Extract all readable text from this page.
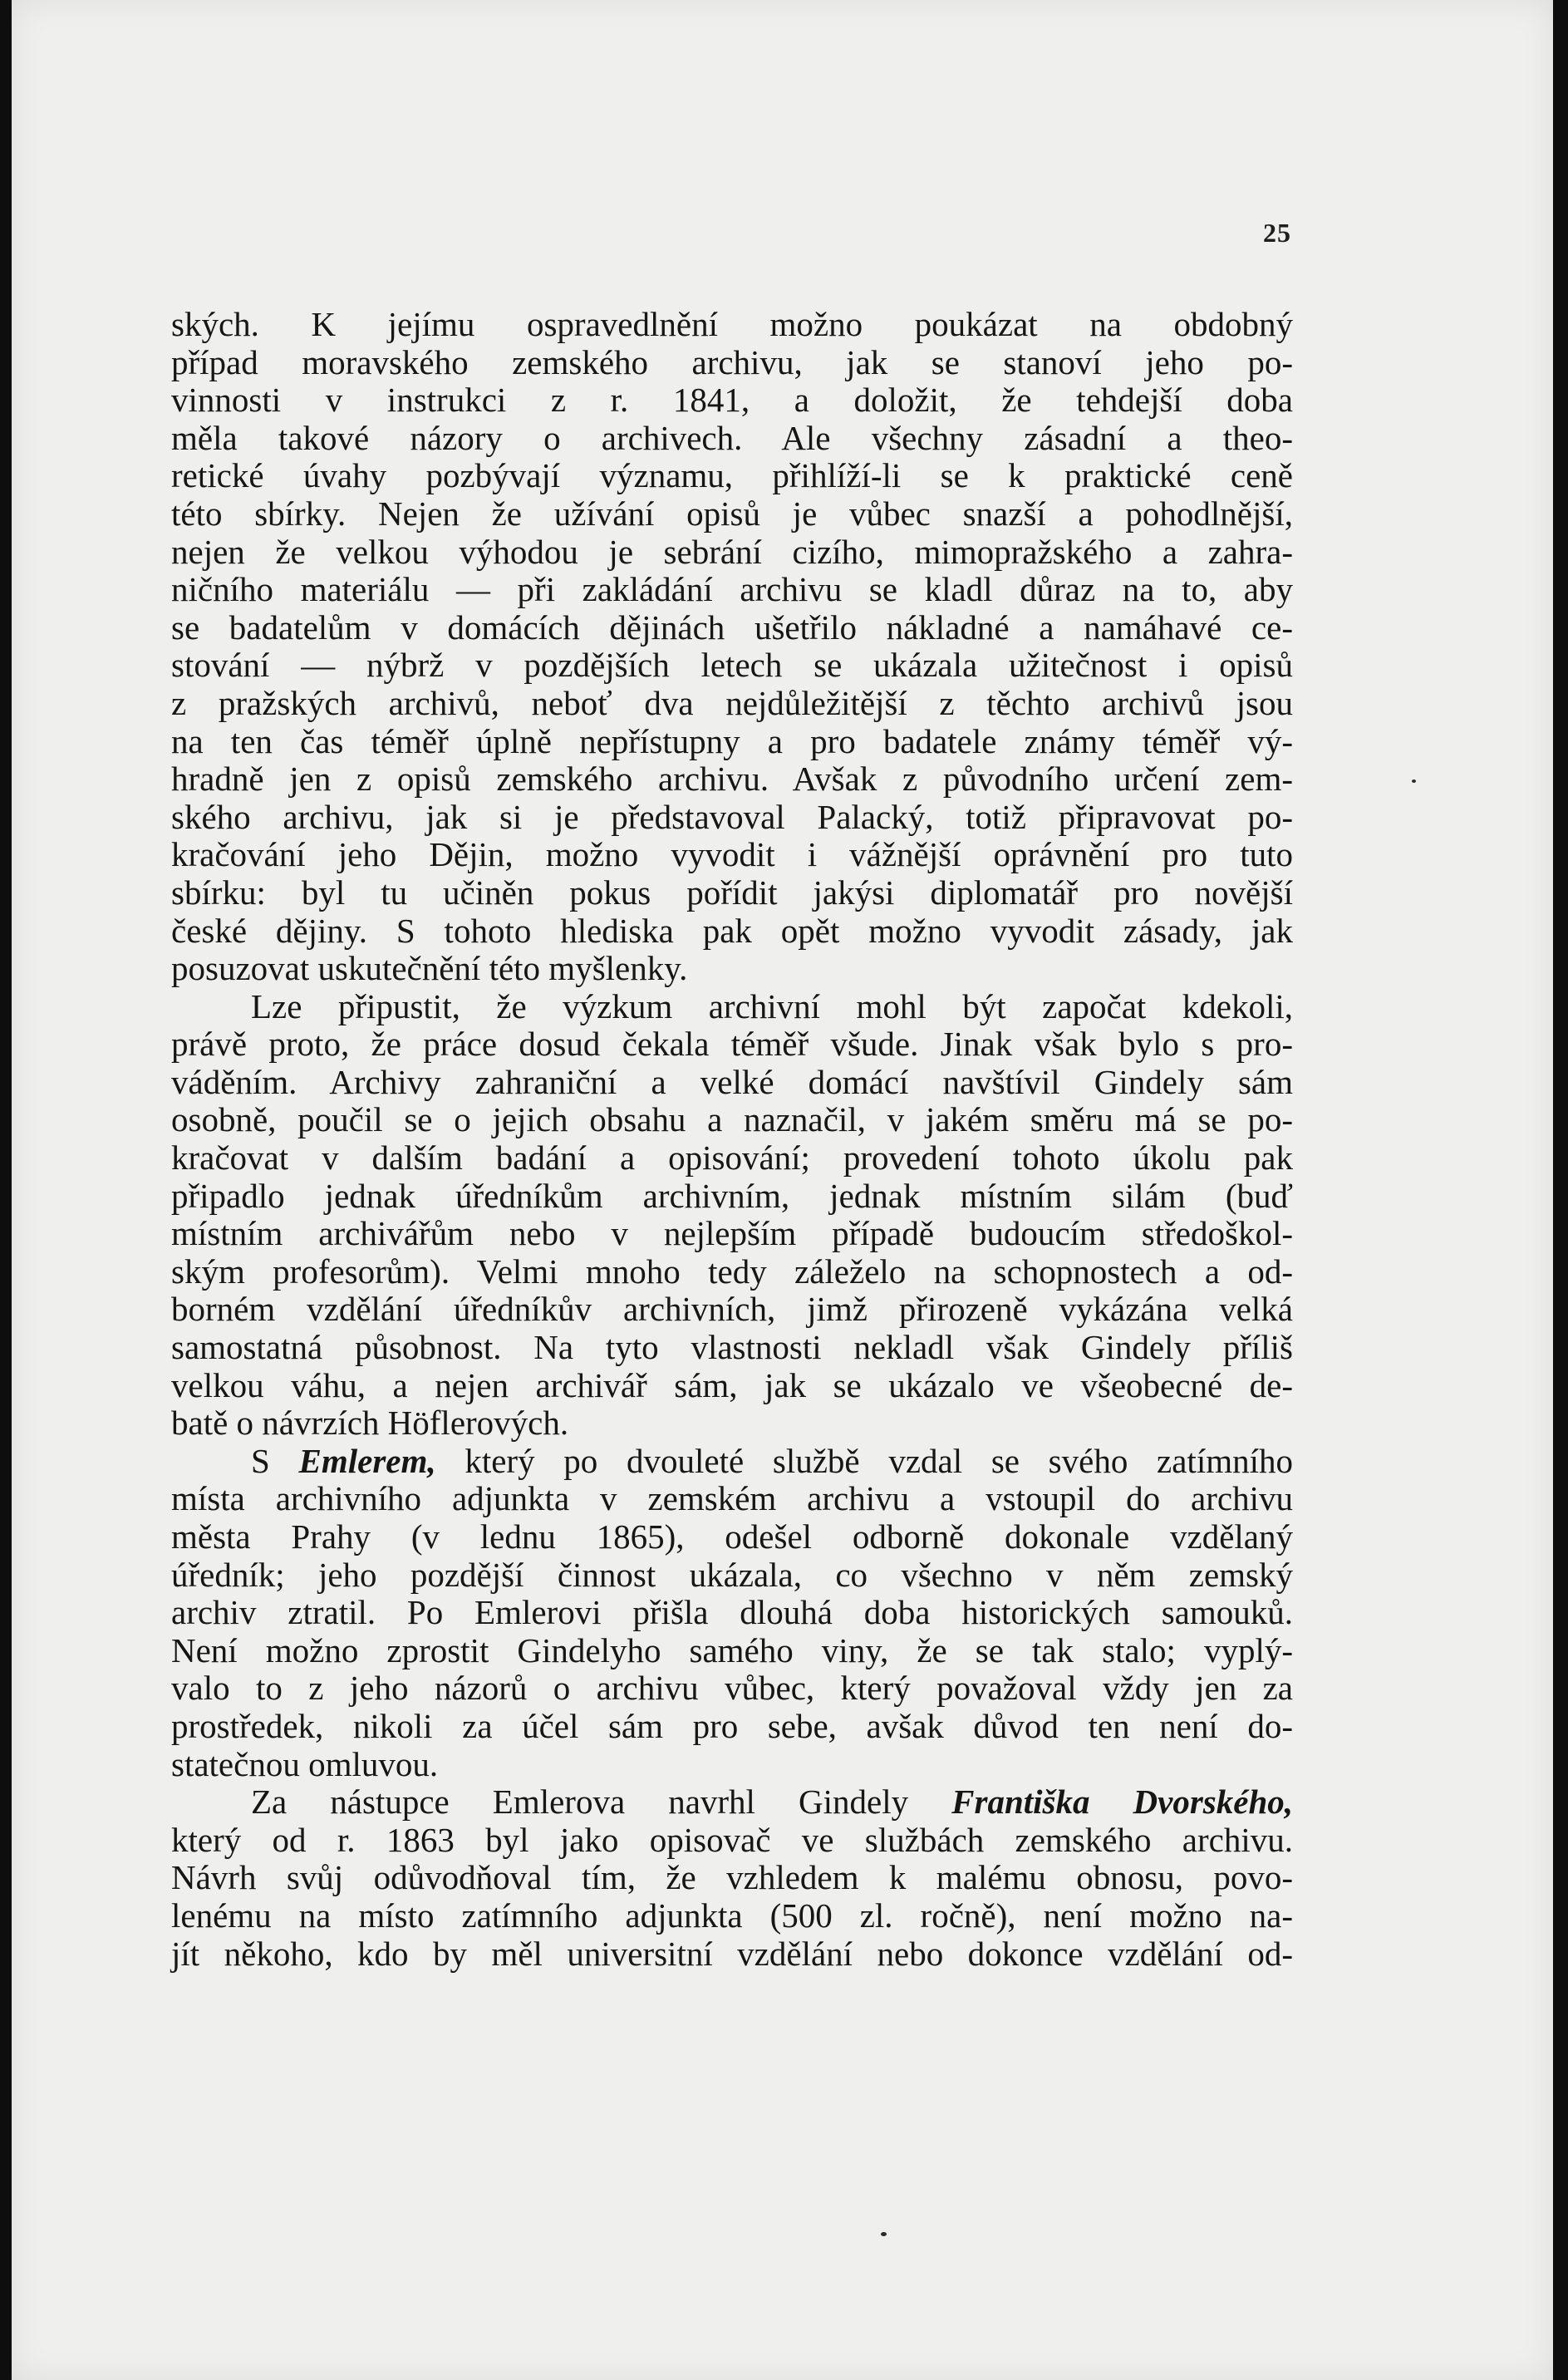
25
ských. K jejímu ospravedlnění možno poukázat na obdobný
případ moravského zemského archivu, jak se stanoví jeho po-
vinnosti v instrukci z r. 1841, a doložit, že tehdejší doba
měla takové názory o archivech. Ale všechny zásadní a theo-
retické úvahy pozbývají významu, přihlíží-li se k praktické ceně
této sbírky. Nejen že užívání opisů je vůbec snazší a pohodlnější,
nejen že velkou výhodou je sebrání cizího, mimopražského a zahra-
ničního materiálu — při zakládání archivu se kladl důraz na to, aby
se badatelům v domácích dějinách ušetřilo nákladné a namáhavé ce-
stování — nýbrž v pozdějších letech se ukázala užitečnost i opisů
z pražských archivů, neboť dva nejdůležitější z těchto archivů jsou
na ten čas téměř úplně nepřístupny a pro badatele známy téměř vý-
hradně jen z opisů zemského archivu. Avšak z původního určení zem-
ského archivu, jak si je představoval Palacký, totiž připravovat po-
kračování jeho Dějin, možno vyvodit i vážnější oprávnění pro tuto
sbírku: byl tu učiněn pokus pořídit jakýsi diplomatář pro novější
české dějiny. S tohoto hlediska pak opět možno vyvodit zásady, jak
posuzovat uskutečnění této myšlenky.
Lze připustit, že výzkum archivní mohl být započat kdekoli,
právě proto, že práce dosud čekala téměř všude. Jinak však bylo s pro-
váděním. Archivy zahraniční a velké domácí navštívil Gindely sám
osobně, poučil se o jejich obsahu a naznačil, v jakém směru má se po-
kračovat v dalším badání a opisování; provedení tohoto úkolu pak
připadlo jednak úředníkům archivním, jednak místním silám (buď
místním archivářům nebo v nejlepším případě budoucím středoškol-
ským profesorům). Velmi mnoho tedy záleželo na schopnostech a od-
borném vzdělání úředníkův archivních, jimž přirozeně vykázána velká
samostatná působnost. Na tyto vlastnosti nekladl však Gindely příliš
velkou váhu, a nejen archivář sám, jak se ukázalo ve všeobecné de-
batě o návrzích Höflerových.
S Emlerem, který po dvouleté službě vzdal se svého zatímního
místa archivního adjunkta v zemském archivu a vstoupil do archivu
města Prahy (v lednu 1865), odešel odborně dokonale vzdělaný
úředník; jeho pozdější činnost ukázala, co všechno v něm zemský
archiv ztratil. Po Emlerovi přišla dlouhá doba historických samouků.
Není možno zprostit Gindelyho samého viny, že se tak stalo; vyplý-
valo to z jeho názorů o archivu vůbec, který považoval vždy jen za
prostředek, nikoli za účel sám pro sebe, avšak důvod ten není do-
statečnou omluvou.
Za nástupce Emlerova navrhl Gindely Františka Dvorského,
který od r. 1863 byl jako opisovač ve službách zemského archivu.
Návrh svůj odůvodňoval tím, že vzhledem k malému obnosu, povo-
lenému na místo zatímního adjunkta (500 zl. ročně), není možno na-
jít někoho, kdo by měl universitní vzdělání nebo dokonce vzdělání od-
